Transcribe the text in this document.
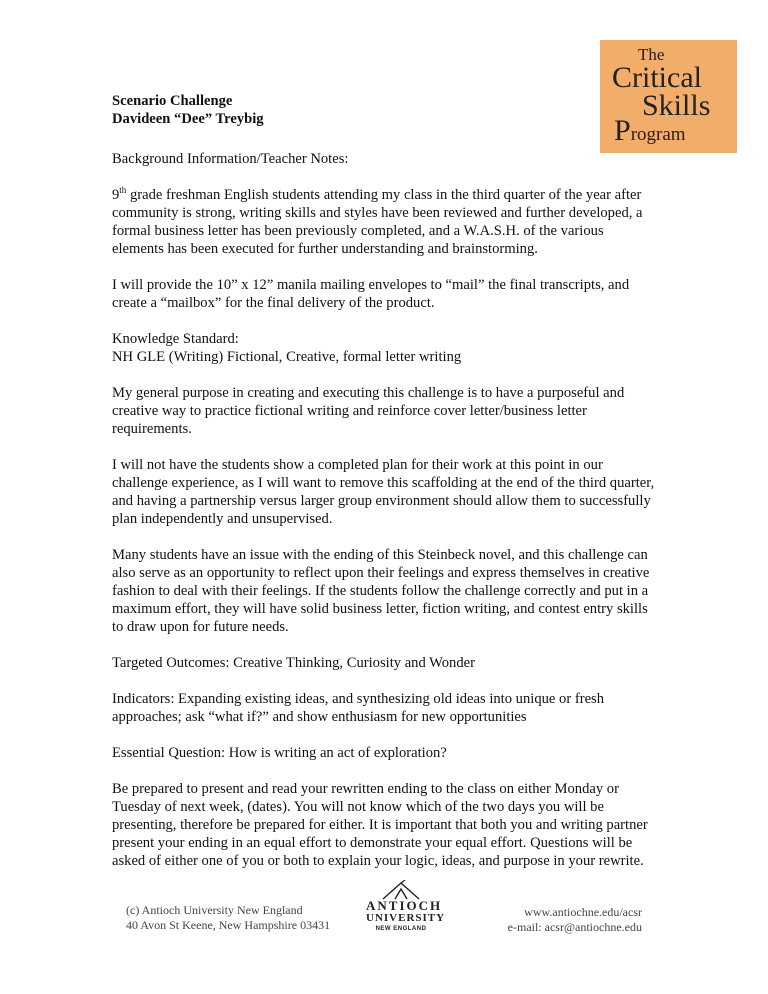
The
Critical
Skills
Program

Scenario Challenge

Davideen “Dee” Treybig

Background Information/Teacher Notes:

9th grade freshman English students attending my class in the third quarter of the year after community is strong, writing skills and styles have been reviewed and further developed, a formal business letter has been previously completed, and a W.A.S.H. of the various elements has been executed for further understanding and brainstorming.

I will provide the 10” x 12” manila mailing envelopes to “mail” the final transcripts, and create a “mailbox” for the final delivery of the product.

Knowledge Standard:
NH GLE (Writing) Fictional, Creative, formal letter writing

My general purpose in creating and executing this challenge is to have a purposeful and creative way to practice fictional writing and reinforce cover letter/business letter requirements.

I will not have the students show a completed plan for their work at this point in our challenge experience, as I will want to remove this scaffolding at the end of the third quarter, and having a partnership versus larger group environment should allow them to successfully plan independently and unsupervised.

Many students have an issue with the ending of this Steinbeck novel, and this challenge can also serve as an opportunity to reflect upon their feelings and express themselves in creative fashion to deal with their feelings. If the students follow the challenge correctly and put in a maximum effort, they will have solid business letter, fiction writing, and contest entry skills to draw upon for future needs.

Targeted Outcomes: Creative Thinking, Curiosity and Wonder

Indicators: Expanding existing ideas, and synthesizing old ideas into unique or fresh approaches; ask “what if?” and show enthusiasm for new opportunities

Essential Question: How is writing an act of exploration?

Be prepared to present and read your rewritten ending to the class on either Monday or Tuesday of next week, (dates). You will not know which of the two days you will be presenting, therefore be prepared for either. It is important that both you and writing partner present your ending in an equal effort to demonstrate your equal effort. Questions will be asked of either one of you or both to explain your logic, ideas, and purpose in your rewrite.

(c) Antioch University New England
40 Avon St Keene, New Hampshire 03431
ANTIOCH
UNIVERSITY
NEW ENGLAND
www.antiochne.edu/acsr
e-mail: acsr@antiochne.edu
